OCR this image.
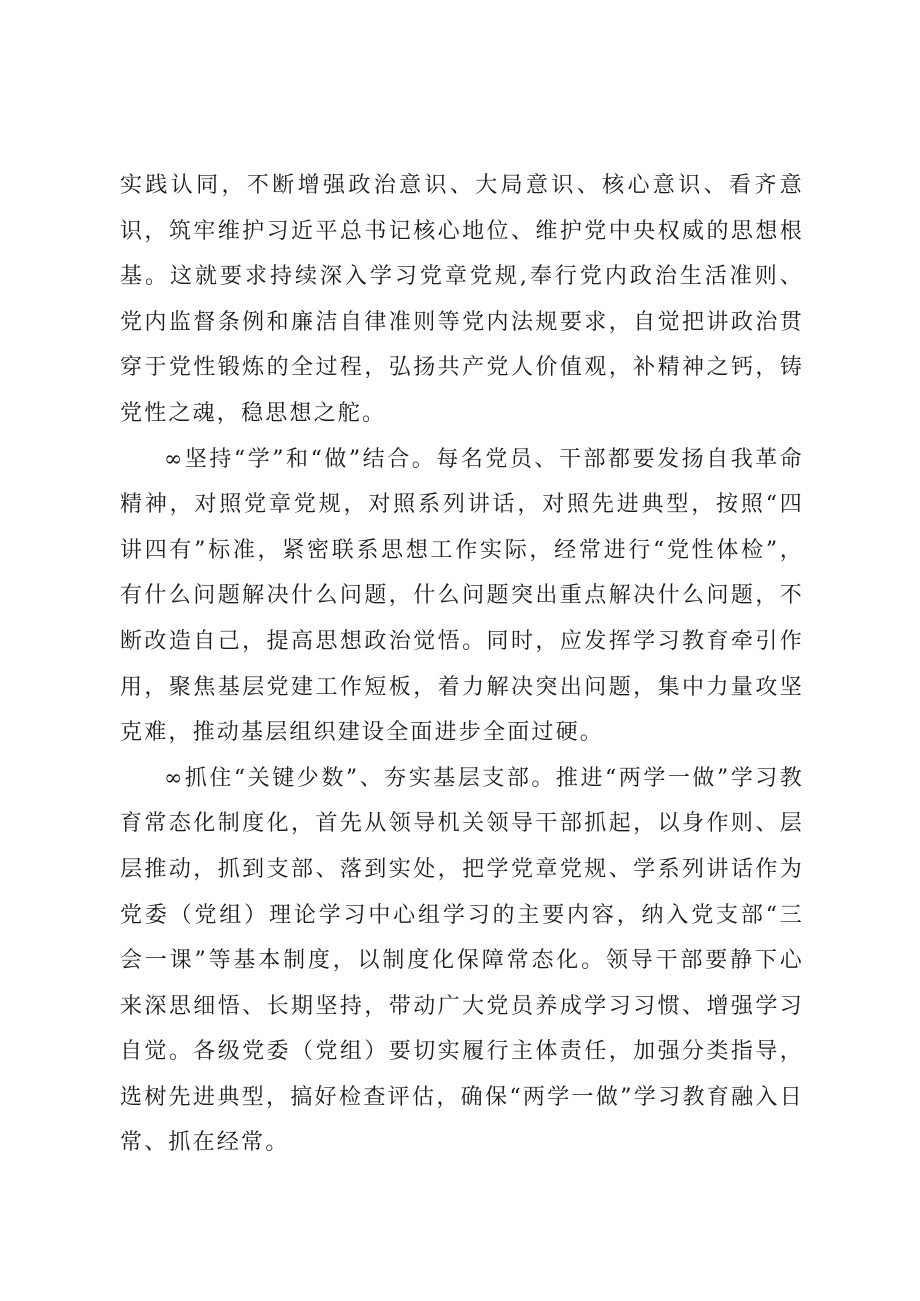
实践认同，不断增强政治意识、大局意识、核心意识、看齐意识，筑牢维护习近平总书记核心地位、维护党中央权威的思想根基。这就要求持续深入学习党章党规,奉行党内政治生活准则、党内监督条例和廉洁自律准则等党内法规要求，自觉把讲政治贯穿于党性锻炼的全过程，弘扬共产党人价值观，补精神之钙，铸党性之魂，稳思想之舵。

∞坚持“学”和“做”结合。每名党员、干部都要发扬自我革命精神，对照党章党规，对照系列讲话，对照先进典型，按照“四讲四有”标准，紧密联系思想工作实际，经常进行“党性体检”，有什么问题解决什么问题，什么问题突出重点解决什么问题，不断改造自己，提高思想政治觉悟。同时，应发挥学习教育牵引作用，聚焦基层党建工作短板，着力解决突出问题，集中力量攻坚克难，推动基层组织建设全面进步全面过硬。

∞抓住“关键少数”、夯实基层支部。推进“两学一做”学习教育常态化制度化，首先从领导机关领导干部抓起，以身作则、层层推动，抓到支部、落到实处，把学党章党规、学系列讲话作为党委（党组）理论学习中心组学习的主要内容，纳入党支部“三会一课”等基本制度，以制度化保障常态化。领导干部要静下心来深思细悟、长期坚持，带动广大党员养成学习习惯、增强学习自觉。各级党委（党组）要切实履行主体责任，加强分类指导，选树先进典型，搞好检查评估，确保“两学一做”学习教育融入日常、抓在经常。
